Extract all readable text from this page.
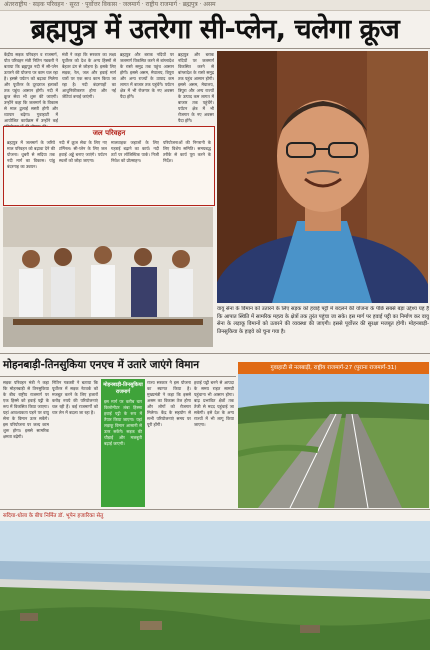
अंतरराष्ट्रीय · सड़क परिवहन · सूरत · पूर्वोत्तर विकास · जलमार्ग · राष्ट्रीय राजमार्ग · ब्रह्मपुत्र · असम
ब्रह्मपुत्र में उतरेगा सी-प्लेन, चलेगा क्रूज
केंद्रीय सड़क परिवहन व राजमार्ग, पोत परिवहन मंत्री नितिन गडकरी ने बताया कि ब्रह्मपुत्र नदी में सी-प्लेन उतारने की योजना पर काम चल रहा है। इससे पर्यटन को बढ़ावा मिलेगा और पूर्वोत्तर के दूरदराज इलाकों तक पहुंच आसान होगी। नदी में क्रूज सेवा भी शुरू की जाएगी। उन्होंने कहा कि जलमार्ग के विकास से माल ढुलाई सस्ती होगी और व्यापार बढ़ेगा। गुवाहाटी में आयोजित कार्यक्रम में उन्होंने कई
मंत्री ने कहा कि सरकार का लक्ष्य पूर्वोत्तर को देश के अन्य हिस्सों से बेहतर ढंग से जोड़ना है। इसके लिए सड़क, रेल, जल और हवाई मार्ग चारों पर एक साथ काम किया जा रहा है। नदी बंदरगाहों का आधुनिकीकरण होगा और नई जेटियां बनाई जाएंगी।
ब्रह्मपुत्र और बराक नदियों पर जलमार्ग विकसित करने से बांग्लादेश के रास्ते समुद्र तक पहुंच आसान होगी। इससे असम, मेघालय, त्रिपुरा और अन्य राज्यों के उत्पाद कम लागत में बाजार तक पहुंचेंगे। पर्यटन क्षेत्र में भी रोजगार के नए अवसर पैदा होंगे।
ब्रह्मपुत्र और बराक नदियों पर जलमार्ग विकसित करने से बांग्लादेश के रास्ते समुद्र तक पहुंच आसान होगी। इससे असम, मेघालय, त्रिपुरा और अन्य राज्यों के उत्पाद कम लागत में बाजार तक पहुंचेंगे। पर्यटन क्षेत्र में भी रोजगार के नए अवसर पैदा होंगे।
जल परिवहन
ब्रह्मपुत्र में जलमार्ग के जरिये माल परिवहन को बढ़ावा देने की योजना। धुबरी से सदिया तक नदी मार्ग का विकास। पांडु बंदरगाह का उन्नयन।
नदी में क्रूज सेवा के लिए नए टर्मिनल। सी-प्लेन के लिए जल हवाई अड्डे बनाए जाएंगे। पर्यटन स्थलों को जोड़ा जाएगा।
मालवाहक जहाजों के लिए गहराई बढ़ाने का कार्य। नदी तटों पर लॉजिस्टिक पार्क। निजी निवेश को प्रोत्साहन।
परियोजनाओं की निगरानी के लिए विशेष समिति। समयबद्ध तरीके से कार्य पूरा करने के निर्देश।
वायु सेना के विमान को उतारने के लिए सड़क को हवाई पट्टी में बदलने की योजना के पीछे सबसे बड़ा उद्देश्य यह है कि आपात स्थिति में सामरिक महत्व के क्षेत्रों तक तुरंत पहुंचा जा सके। इस मार्ग पर हवाई पट्टी का निर्माण कर वायु सेना के लड़ाकू विमानों को उतारने की व्यवस्था की जाएगी। इससे पूर्वोत्तर की सुरक्षा मजबूत होगी। मोहनबाड़ी-तिनसुकिया के हाइवे को चुना गया है।
मोहनबाड़ी-तिनसुकिया एनएच में उतारे जाएंगे विमान
सड़क परिवहन मंत्री ने कहा कि मोहनबाड़ी से तिनसुकिया के बीच राष्ट्रीय राजमार्ग पर एक हिस्से को हवाई पट्टी के रूप में विकसित किया जाएगा। यहां आवश्यकता पड़ने पर वायु सेना के विमान उतर सकेंगे। इस परियोजना पर जल्द काम शुरू होगा। इससे सामरिक क्षमता बढ़ेगी।
नितिन गडकरी ने बताया कि पूर्वोत्तर में सड़क नेटवर्क को मजबूत करने के लिए हजारों करोड़ रुपये की परियोजनाएं चल रही हैं। कई राजमार्गों को चार लेन में बदला जा रहा है।
राज्य सरकार ने इस योजना का स्वागत किया है। मुख्यमंत्री ने कहा कि इससे असम का विकास तेज होगा और लोगों को रोजगार मिलेगा। केंद्र के सहयोग से सभी परियोजनाएं समय पर पूरी होंगी।
हवाई पट्टी बनने से आपदा के समय राहत सामग्री पहुंचाना भी आसान होगा। बाढ़ प्रभावित क्षेत्रों तक तेजी से मदद पहुंचाई जा सकेगी। इसे देश के अन्य राज्यों में भी लागू किया जाएगा।
मोहनबाड़ी-तिनसुकिया राजमार्ग
इस मार्ग पर करीब चार किलोमीटर लंबा हिस्सा हवाई पट्टी के रूप में तैयार किया जाएगा। यहां लड़ाकू विमान आसानी से उतर सकेंगे। सड़क की चौड़ाई और मजबूती बढ़ाई जाएगी।
गुवाहाटी से नलबाड़ी, राष्ट्रीय राजमार्ग-27 (पुराना राजमार्ग-31)
सदिया-धोला के बीच निर्मित डॉ. भूपेन हजारिका सेतु
